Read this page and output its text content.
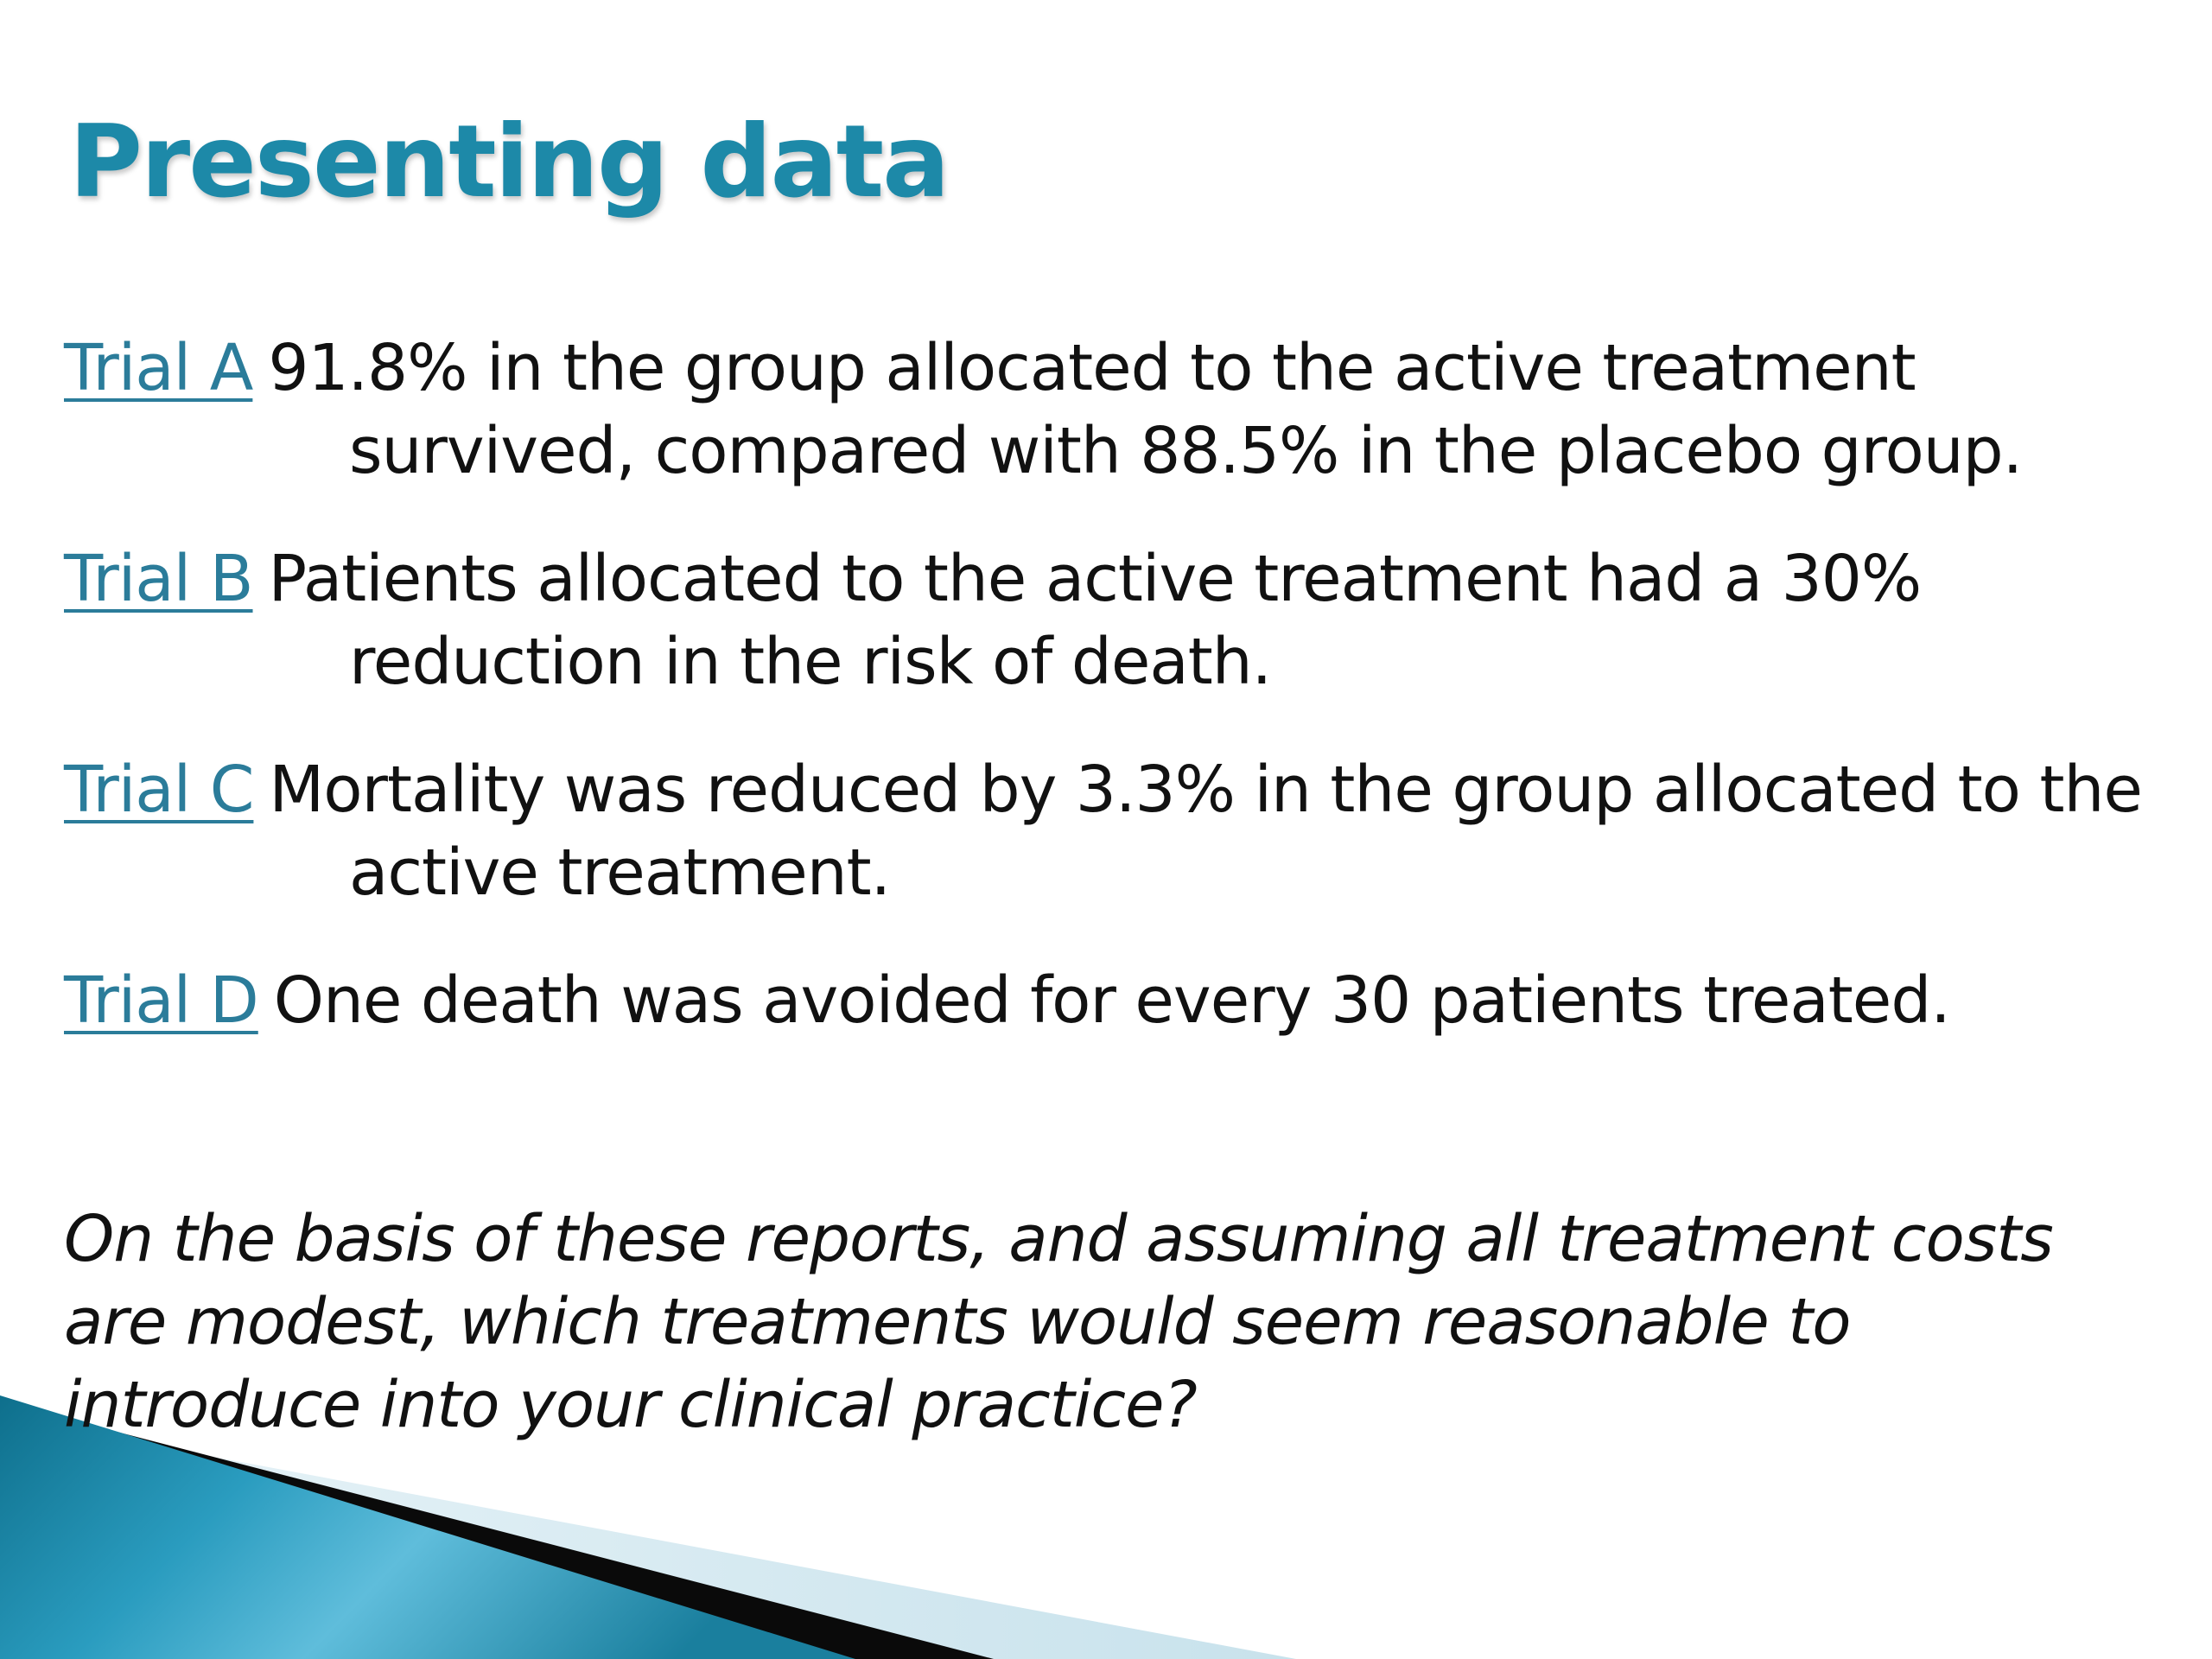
Presenting data
Trial A 91.8% in the group allocated to the active treatment survived, compared with 88.5% in the placebo group.
Trial B Patients allocated to the active treatment had a 30% reduction in the risk of death.
Trial C Mortality was reduced by 3.3% in the group allocated to the active treatment.
Trial D One death was avoided for every 30 patients treated.

On the basis of these reports, and assuming all treatment costs are modest, which treatments would seem reasonable to introduce into your clinical practice?
